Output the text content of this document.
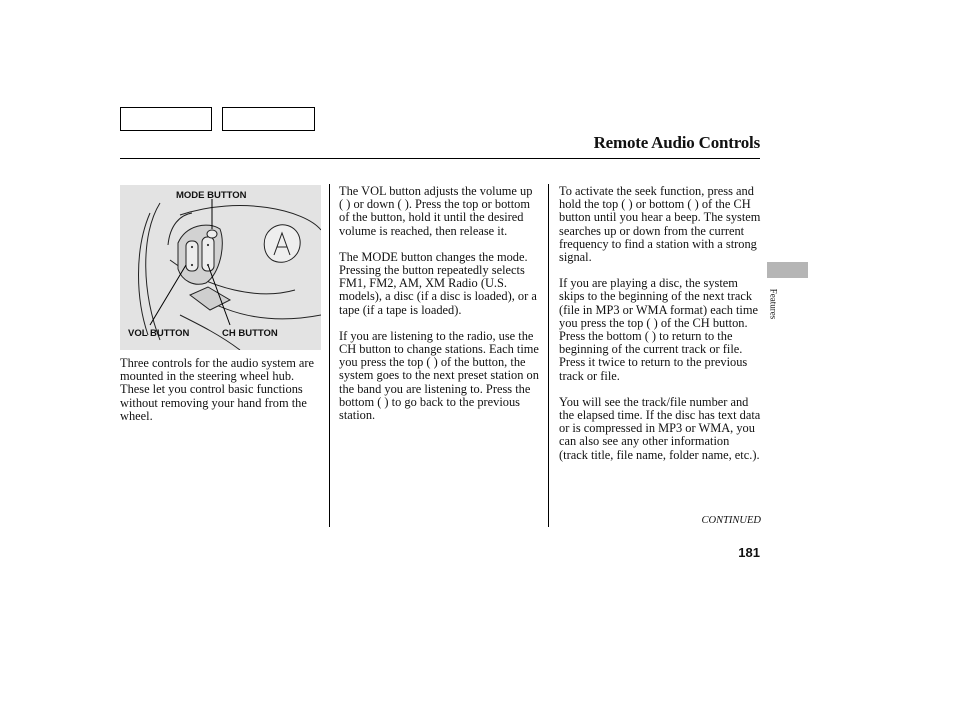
Remote Audio Controls
MODE BUTTON
VOL BUTTON	CH BUTTON

Three controls for the audio system are mounted in the steering wheel hub. These let you control basic functions without removing your hand from the wheel.

The VOL button adjusts the volume up ( ) or down ( ). Press the top or bottom of the button, hold it until the desired volume is reached, then release it.

The MODE button changes the mode. Pressing the button repeatedly selects FM1, FM2, AM, XM Radio (U.S. models), a disc (if a disc is loaded), or a tape (if a tape is loaded).

If you are listening to the radio, use the CH button to change stations. Each time you press the top ( ) of the button, the system goes to the next preset station on the band you are listening to. Press the bottom ( ) to go back to the previous station.

To activate the seek function, press and hold the top ( ) or bottom ( ) of the CH button until you hear a beep. The system searches up or down from the current frequency to find a station with a strong signal.

If you are playing a disc, the system skips to the beginning of the next track (file in MP3 or WMA format) each time you press the top ( ) of the CH button. Press the bottom ( ) to return to the beginning of the current track or file. Press it twice to return to the previous track or file.

You will see the track/file number and the elapsed time. If the disc has text data or is compressed in MP3 or WMA, you can also see any other information (track title, file name, folder name, etc.).

CONTINUED
181
Features
